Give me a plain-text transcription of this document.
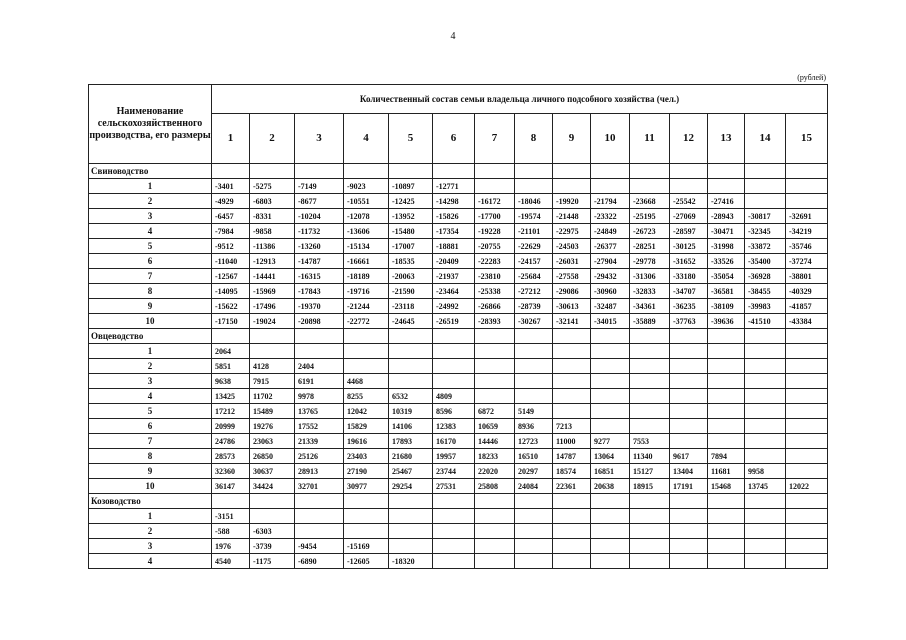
4
(рублей)
Наименование сельскохозяйственного производства, его размеры	Количественный состав семьи владельца личного подсобного хозяйства (чел.)														
	1	2	3	4	5	6	7	8	9	10	11	12	13	14	15
Свиноводство															
1	-3401	-5275	-7149	-9023	-10897	-12771									
2	-4929	-6803	-8677	-10551	-12425	-14298	-16172	-18046	-19920	-21794	-23668	-25542	-27416		
3	-6457	-8331	-10204	-12078	-13952	-15826	-17700	-19574	-21448	-23322	-25195	-27069	-28943	-30817	-32691
4	-7984	-9858	-11732	-13606	-15480	-17354	-19228	-21101	-22975	-24849	-26723	-28597	-30471	-32345	-34219
5	-9512	-11386	-13260	-15134	-17007	-18881	-20755	-22629	-24503	-26377	-28251	-30125	-31998	-33872	-35746
6	-11040	-12913	-14787	-16661	-18535	-20409	-22283	-24157	-26031	-27904	-29778	-31652	-33526	-35400	-37274
7	-12567	-14441	-16315	-18189	-20063	-21937	-23810	-25684	-27558	-29432	-31306	-33180	-35054	-36928	-38801
8	-14095	-15969	-17843	-19716	-21590	-23464	-25338	-27212	-29086	-30960	-32833	-34707	-36581	-38455	-40329
9	-15622	-17496	-19370	-21244	-23118	-24992	-26866	-28739	-30613	-32487	-34361	-36235	-38109	-39983	-41857
10	-17150	-19024	-20898	-22772	-24645	-26519	-28393	-30267	-32141	-34015	-35889	-37763	-39636	-41510	-43384
Овцеводство															
1	2064														
2	5851	4128	2404												
3	9638	7915	6191	4468											
4	13425	11702	9978	8255	6532	4809									
5	17212	15489	13765	12042	10319	8596	6872	5149							
6	20999	19276	17552	15829	14106	12383	10659	8936	7213						
7	24786	23063	21339	19616	17893	16170	14446	12723	11000	9277	7553				
8	28573	26850	25126	23403	21680	19957	18233	16510	14787	13064	11340	9617	7894		
9	32360	30637	28913	27190	25467	23744	22020	20297	18574	16851	15127	13404	11681	9958	
10	36147	34424	32701	30977	29254	27531	25808	24084	22361	20638	18915	17191	15468	13745	12022
Козоводство															
1	-3151														
2	-588	-6303													
3	1976	-3739	-9454	-15169											
4	4540	-1175	-6890	-12605	-18320										
